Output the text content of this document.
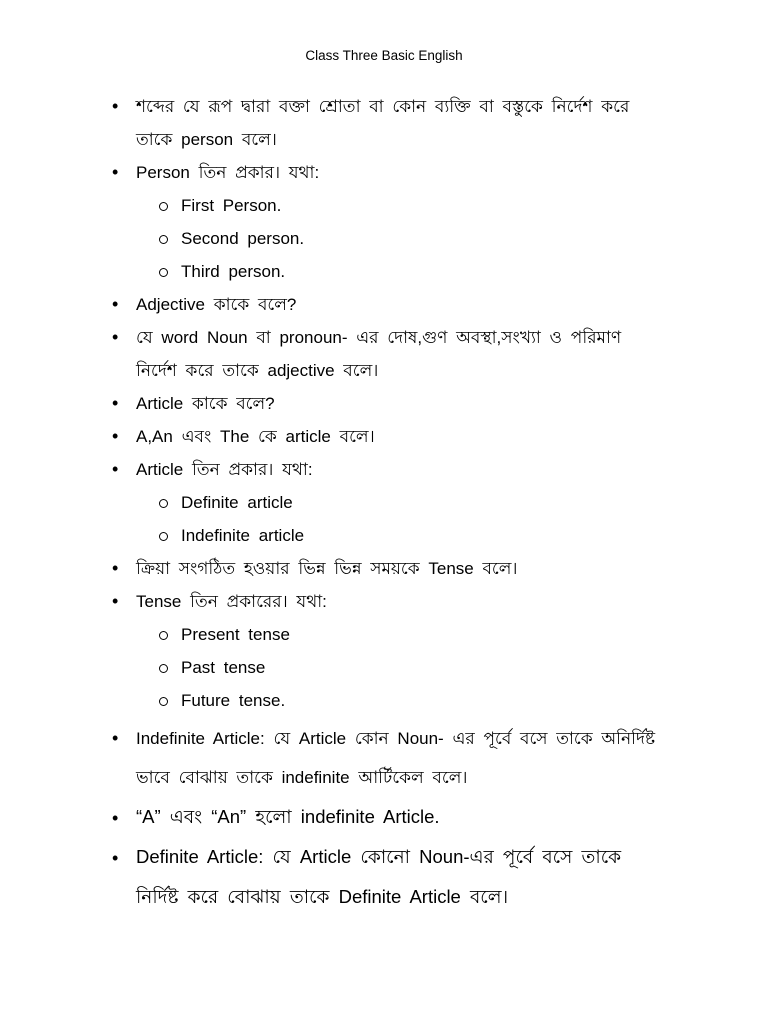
Class Three Basic English
• শব্দের যে রূপ দ্বারা বক্তা শ্রোতা বা কোন ব্যক্তি বা বস্তুকে নির্দেশ করে তাকে person বলে।
• Person তিন প্রকার। যথা:
First Person.
Second person.
Third person.
• Adjective কাকে বলে?
• যে word Noun বা pronoun- এর দোষ,গুণ অবস্থা,সংখ্যা ও পরিমাণ নির্দেশ করে তাকে adjective বলে।
• Article কাকে বলে?
• A,An এবং The কে article বলে।
• Article তিন প্রকার। যথা:
Definite article
Indefinite article
• ক্রিয়া সংগঠিত হওয়ার ভিন্ন ভিন্ন সময়কে Tense বলে।
• Tense তিন প্রকারের। যথা:
Present tense
Past tense
Future tense.
• Indefinite Article: যে Article কোন Noun- এর পূর্বে বসে তাকে অনির্দিষ্ট ভাবে বোঝায় তাকে indefinite আর্টিকেল বলে।
• “A” এবং “An” হলো indefinite Article.
• Definite Article: যে Article কোনো Noun-এর পূর্বে বসে তাকে নির্দিষ্ট করে বোঝায় তাকে Definite Article বলে।
